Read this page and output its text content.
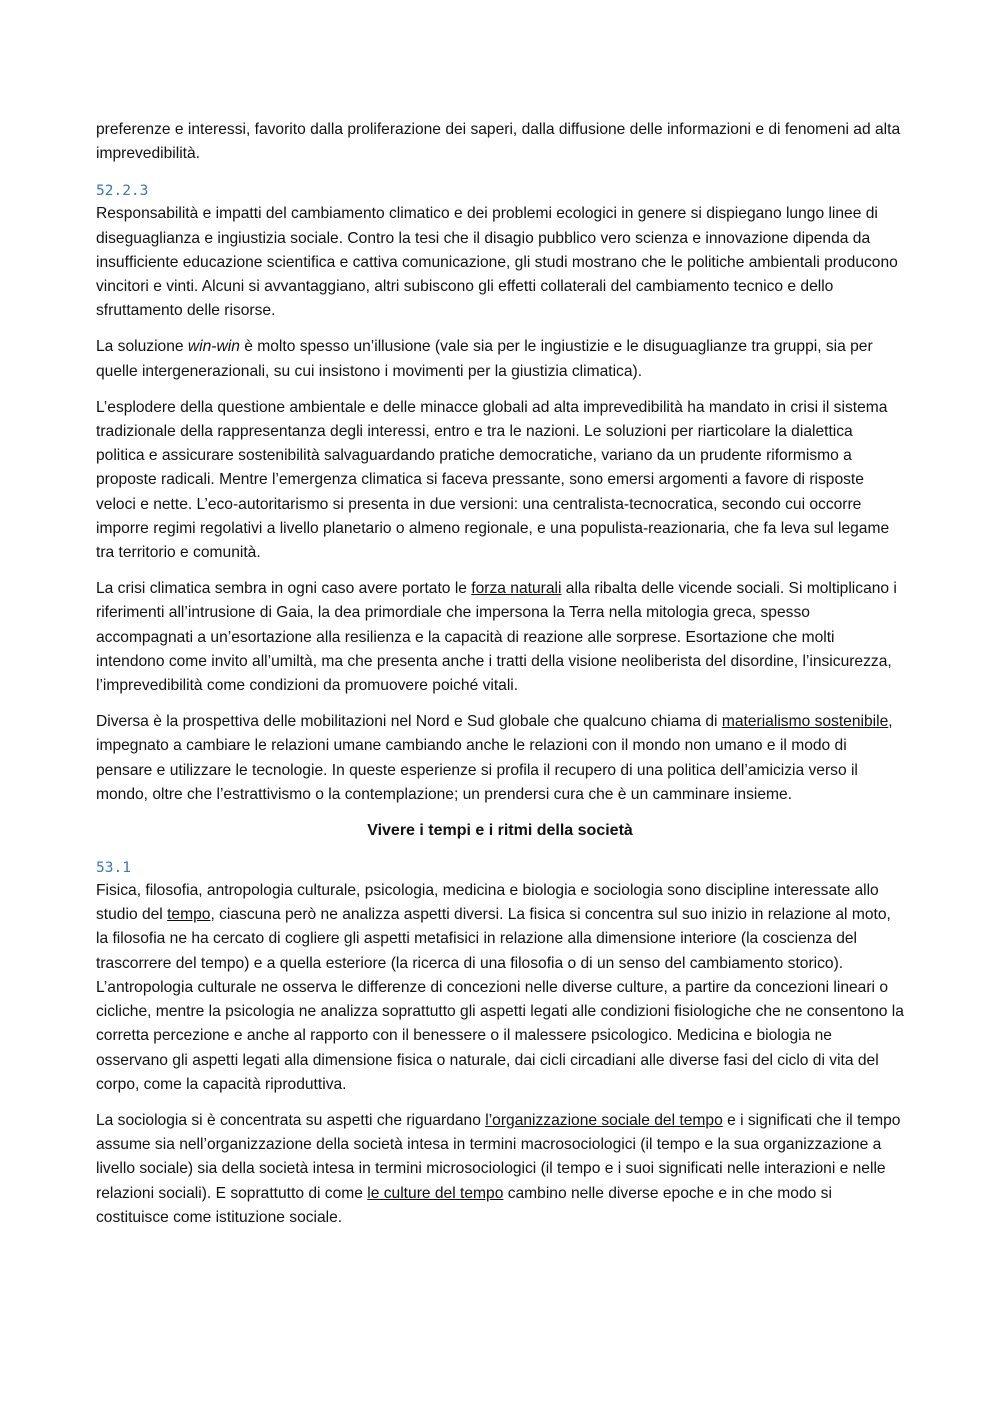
preferenze e interessi, favorito dalla proliferazione dei saperi, dalla diffusione delle informazioni e di fenomeni ad alta imprevedibilità.

52.2.3

Responsabilità e impatti del cambiamento climatico e dei problemi ecologici in genere si dispiegano lungo linee di diseguaglianza e ingiustizia sociale. Contro la tesi che il disagio pubblico vero scienza e innovazione dipenda da insufﬁciente educazione scientifica e cattiva comunicazione, gli studi mostrano che le politiche ambientali producono vincitori e vinti. Alcuni si avvantaggiano, altri subiscono gli effetti collaterali del cambiamento tecnico e dello sfruttamento delle risorse.

La soluzione win-win è molto spesso un’illusione (vale sia per le ingiustizie e le disuguaglianze tra gruppi, sia per quelle intergenerazionali, su cui insistono i movimenti per la giustizia climatica).

L’esplodere della questione ambientale e delle minacce globali ad alta imprevedibilità ha mandato in crisi il sistema tradizionale della rappresentanza degli interessi, entro e tra le nazioni. Le soluzioni per riarticolare la dialettica politica e assicurare sostenibilità salvaguardando pratiche democratiche, variano da un prudente riformismo a proposte radicali. Mentre l’emergenza climatica si faceva pressante, sono emersi argomenti a favore di risposte veloci e nette. L’eco-autoritarismo si presenta in due versioni: una centralista-tecnocratica, secondo cui occorre imporre regimi regolativi a livello planetario o almeno regionale, e una populista-reazionaria, che fa leva sul legame tra territorio e comunità.

La crisi climatica sembra in ogni caso avere portato le forza naturali alla ribalta delle vicende sociali. Si moltiplicano i riferimenti all’intrusione di Gaia, la dea primordiale che impersona la Terra nella mitologia greca, spesso accompagnati a un’esortazione alla resilienza e la capacità di reazione alle sorprese. Esortazione che molti intendono come invito all’umiltà, ma che presenta anche i tratti della visione neoliberista del disordine, l’insicurezza, l’imprevedibilità come condizioni da promuovere poiché vitali.

Diversa è la prospettiva delle mobilitazioni nel Nord e Sud globale che qualcuno chiama di materialismo sostenibile, impegnato a cambiare le relazioni umane cambiando anche le relazioni con il mondo non umano e il modo di pensare e utilizzare le tecnologie. In queste esperienze si profila il recupero di una politica dell’amicizia verso il mondo, oltre che l’estrattivismo o la contemplazione; un prendersi cura che è un camminare insieme.

Vivere i tempi e i ritmi della società
53.1

Fisica, filosofia, antropologia culturale, psicologia, medicina e biologia e sociologia sono discipline interessate allo studio del tempo, ciascuna però ne analizza aspetti diversi. La fisica si concentra sul suo inizio in relazione al moto, la filosofia ne ha cercato di cogliere gli aspetti metafisici in relazione alla dimensione interiore (la coscienza del trascorrere del tempo) e a quella esteriore (la ricerca di una filosofia o di un senso del cambiamento storico). L’antropologia culturale ne osserva le differenze di concezioni nelle diverse culture, a partire da concezioni lineari o cicliche, mentre la psicologia ne analizza soprattutto gli aspetti legati alle condizioni fisiologiche che ne consentono la corretta percezione e anche al rapporto con il benessere o il malessere psicologico. Medicina e biologia ne osservano gli aspetti legati alla dimensione fisica o naturale, dai cicli circadiani alle diverse fasi del ciclo di vita del corpo, come la capacità riproduttiva.

La sociologia si è concentrata su aspetti che riguardano l’organizzazione sociale del tempo e i significati che il tempo assume sia nell’organizzazione della società intesa in termini macrosociologici (il tempo e la sua organizzazione a livello sociale) sia della società intesa in termini microsociologici (il tempo e i suoi significati nelle interazioni e nelle relazioni sociali). E soprattutto di come le culture del tempo cambino nelle diverse epoche e in che modo si costituisce come istituzione sociale.
